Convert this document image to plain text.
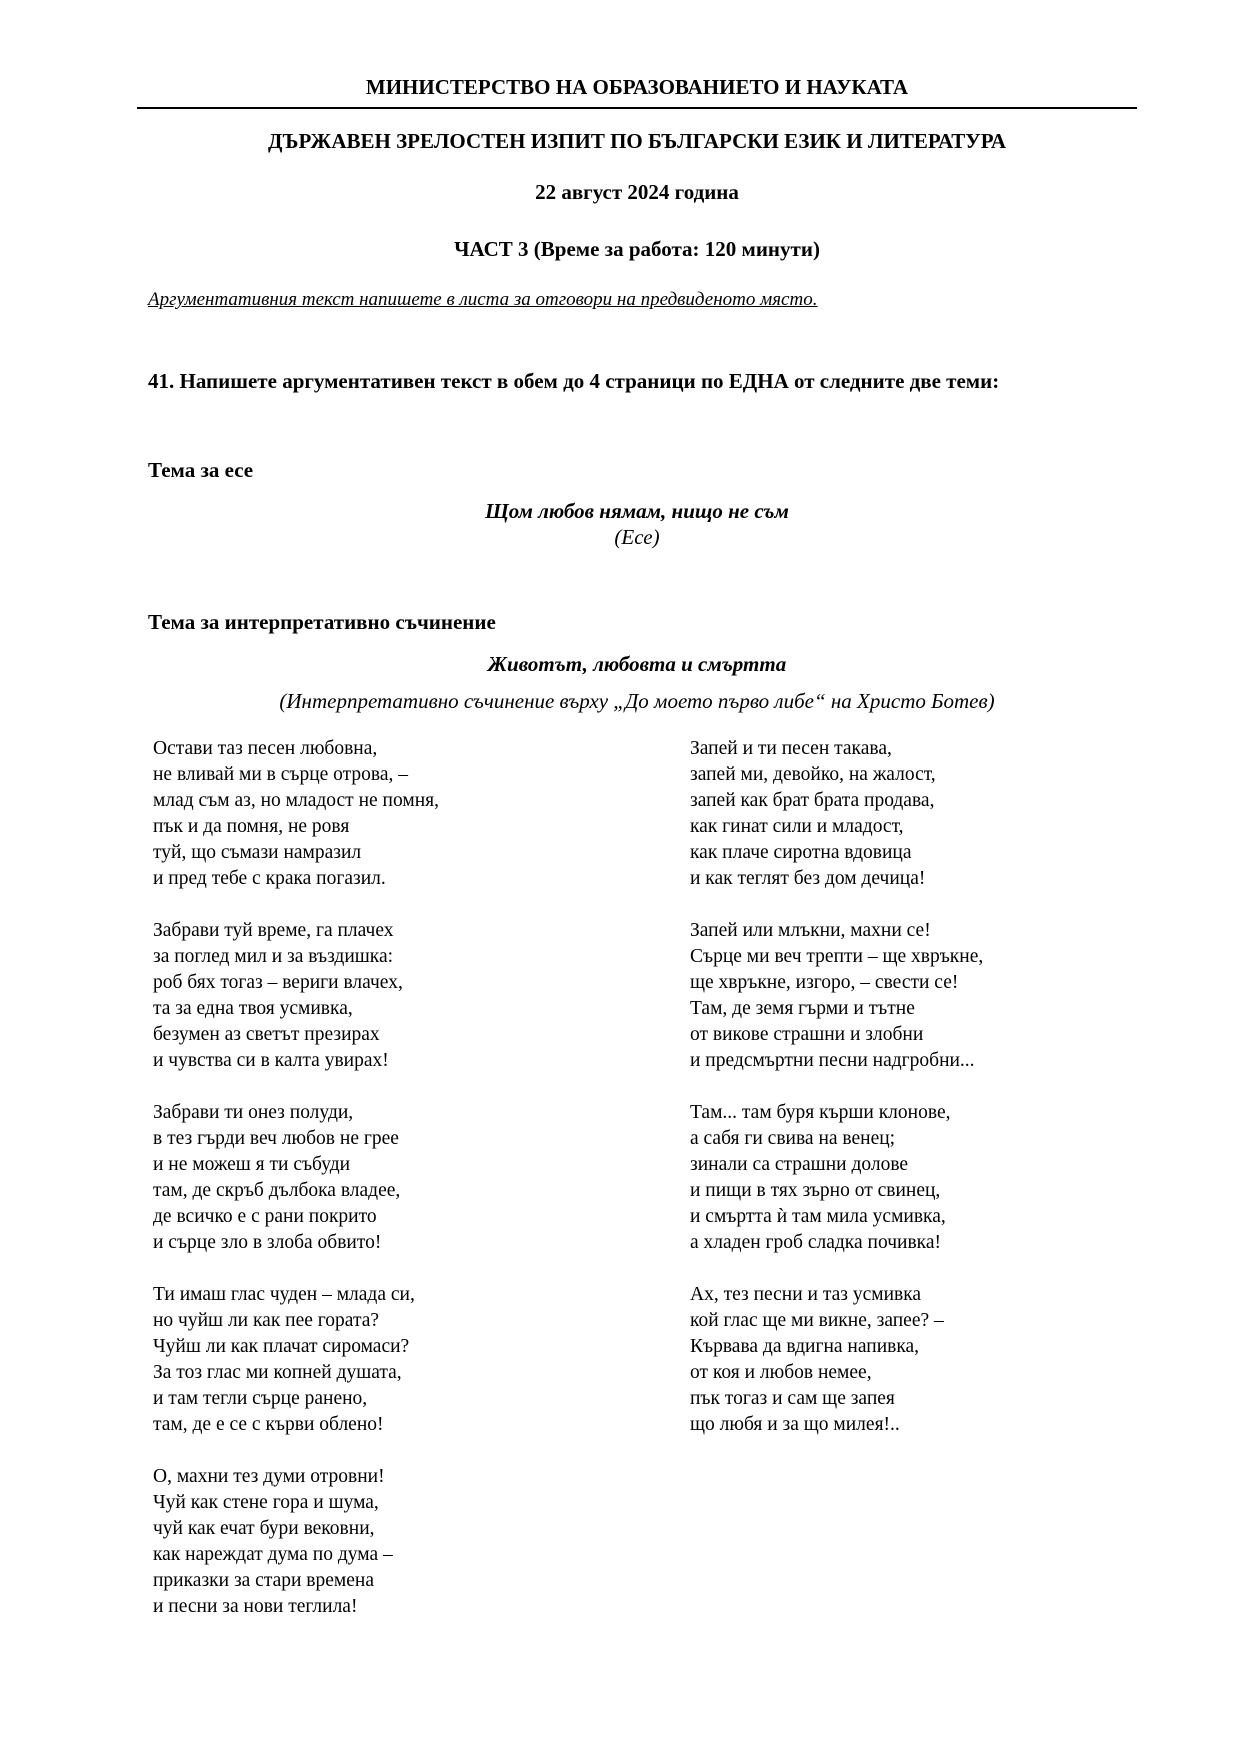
МИНИСТЕРСТВО НА ОБРАЗОВАНИЕТО И НАУКАТА
ДЪРЖАВЕН ЗРЕЛОСТЕН ИЗПИТ ПО БЪЛГАРСКИ ЕЗИК И ЛИТЕРАТУРА
22 август 2024 година
ЧАСТ 3 (Време за работа: 120 минути)
Аргументативния текст напишете в листа за отговори на предвиденото място.
41. Напишете аргументативен текст в обем до 4 страници по ЕДНА от следните две теми:
Тема за есе
Щом любов нямам, нищо не съм
(Есе)
Тема за интерпретативно съчинение
Животът, любовта и смъртта
(Интерпретативно съчинение върху „До моето първо либе“ на Христо Ботев)
Остави таз песен любовна,
не вливай ми в сърце отрова, –
млад съм аз, но младост не помня,
пък и да помня, не ровя
туй, що съмази намразил
и пред тебе с крака погазил.
Забрави туй време, га плачех
за поглед мил и за въздишка:
роб бях тогаз – вериги влачех,
та за една твоя усмивка,
безумен аз светът презирах
и чувства си в калта увирах!
Забрави ти онез полуди,
в тез гърди веч любов не грее
и не можеш я ти събуди
там, де скръб дълбока владее,
де всичко е с рани покрито
и сърце зло в злоба обвито!
Ти имаш глас чуден – млада си,
но чуйш ли как пее гората?
Чуйш ли как плачат сиромаси?
За тоз глас ми копней душата,
и там тегли сърце ранено,
там, де е се с кърви облено!
О, махни тез думи отровни!
Чуй как стене гора и шума,
чуй как ечат бури вековни,
как нареждат дума по дума –
приказки за стари времена
и песни за нови теглила!
Запей и ти песен такава,
запей ми, девойко, на жалост,
запей как брат брата продава,
как гинат сили и младост,
как плаче сиротна вдовица
и как теглят без дом дечица!
Запей или млъкни, махни се!
Сърце ми веч трепти – ще хвръкне,
ще хвръкне, изгоро, – свести се!
Там, де земя гърми и тътне
от викове страшни и злобни
и предсмъртни песни надгробни...
Там... там буря кърши клонове,
а сабя ги свива на венец;
зинали са страшни долове
и пищи в тях зърно от свинец,
и смъртта ѝ там мила усмивка,
а хладен гроб сладка почивка!
Ах, тез песни и таз усмивка
кой глас ще ми викне, запее? –
Кървава да вдигна напивка,
от коя и любов немее,
пък тогаз и сам ще запея
що любя и за що милея!..
